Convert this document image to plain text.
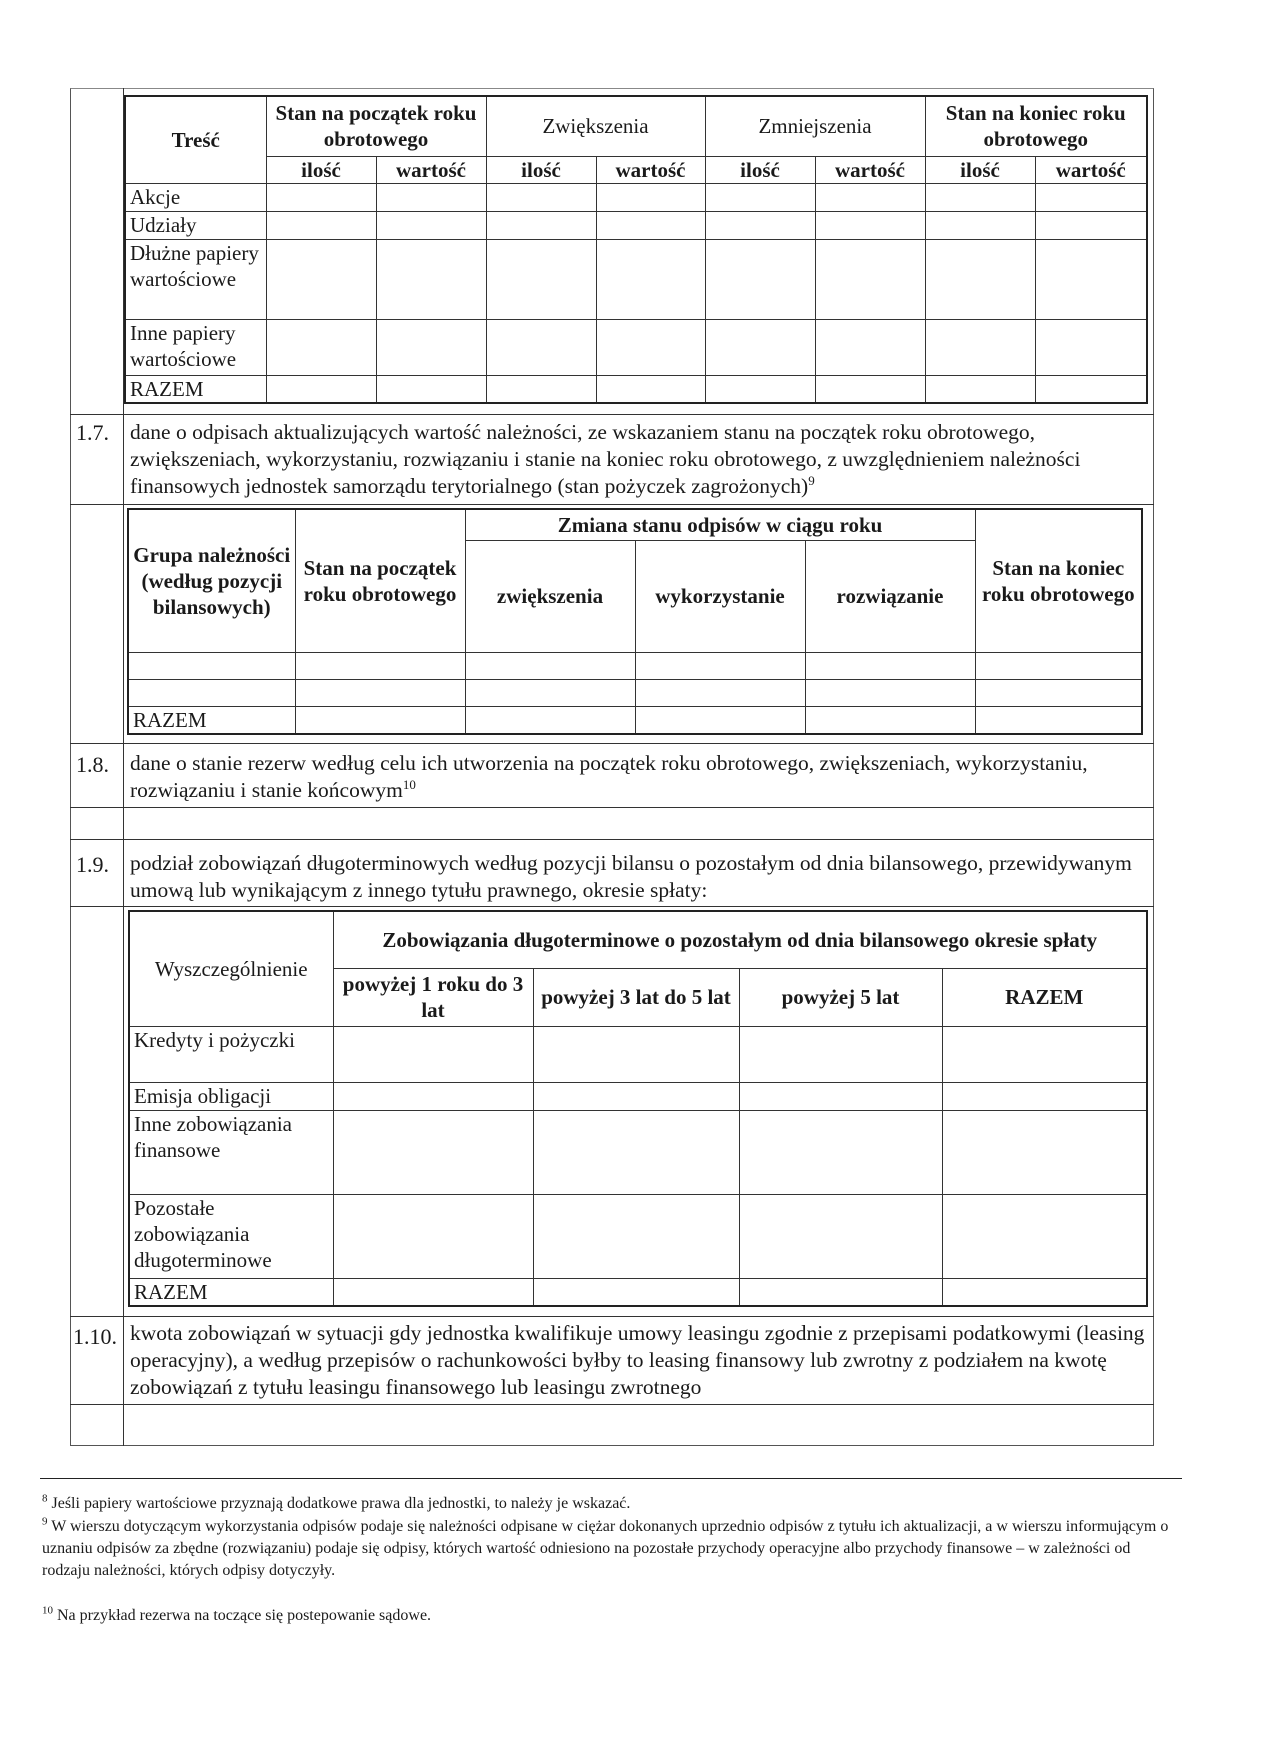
Treść	Stan na początek roku obrotowego		Zwiększenia		Zmniejszenia		Stan na koniec roku obrotowego	
	ilość	wartość	ilość	wartość	ilość	wartość	ilość	wartość
Akcje								
Udziały								
Dłużne papiery wartościowe								
Inne papiery wartościowe								
RAZEM								
1.7. dane o odpisach aktualizujących wartość należności, ze wskazaniem stanu na początek roku obrotowego, zwiększeniach, wykorzystaniu, rozwiązaniu i stanie na koniec roku obrotowego, z uwzględnieniem należności finansowych jednostek samorządu terytorialnego (stan pożyczek zagrożonych)$^9$
Grupa należności (według pozycji bilansowych)	Stan na początek roku obrotowego	Zmiana stanu odpisów w ciągu roku			Stan na koniec roku obrotowego
		zwiększenia	wykorzystanie	rozwiązanie	

RAZEM					
1.8. dane o stanie rezerw według celu ich utworzenia na początek roku obrotowego, zwiększeniach, wykorzystaniu, rozwiązaniu i stanie końcowym$^{10}$
1.9. podział zobowiązań długoterminowych według pozycji bilansu o pozostałym od dnia bilansowego, przewidywanym umową lub wynikającym z innego tytułu prawnego, okresie spłaty:
Wyszczególnienie	Zobowiązania długoterminowe o pozostałym od dnia bilansowego okresie spłaty			
	powyżej 1 roku do 3 lat	powyżej 3 lat do 5 lat	powyżej 5 lat	RAZEM
Kredyty i pożyczki				
Emisja obligacji				
Inne zobowiązania finansowe				
Pozostałe zobowiązania długoterminowe				
RAZEM				
1.10. kwota zobowiązań w sytuacji gdy jednostka kwalifikuje umowy leasingu zgodnie z przepisami podatkowymi (leasing operacyjny), a według przepisów o rachunkowości byłby to leasing finansowy lub zwrotny z podziałem na kwotę zobowiązań z tytułu leasingu finansowego lub leasingu zwrotnego
$^8$ Jeśli papiery wartościowe przyznają dodatkowe prawa dla jednostki, to należy je wskazać.
$^9$ W wierszu dotyczącym wykorzystania odpisów podaje się należności odpisane w ciężar dokonanych uprzednio odpisów z tytułu ich aktualizacji, a w wierszu informującym o uznaniu odpisów za zbędne (rozwiązaniu) podaje się odpisy, których wartość odniesiono na pozostałe przychody operacyjne albo przychody finansowe – w zależności od rodzaju należności, których odpisy dotyczyły.
$^{10}$ Na przykład rezerwa na toczące się postepowanie sądowe.
